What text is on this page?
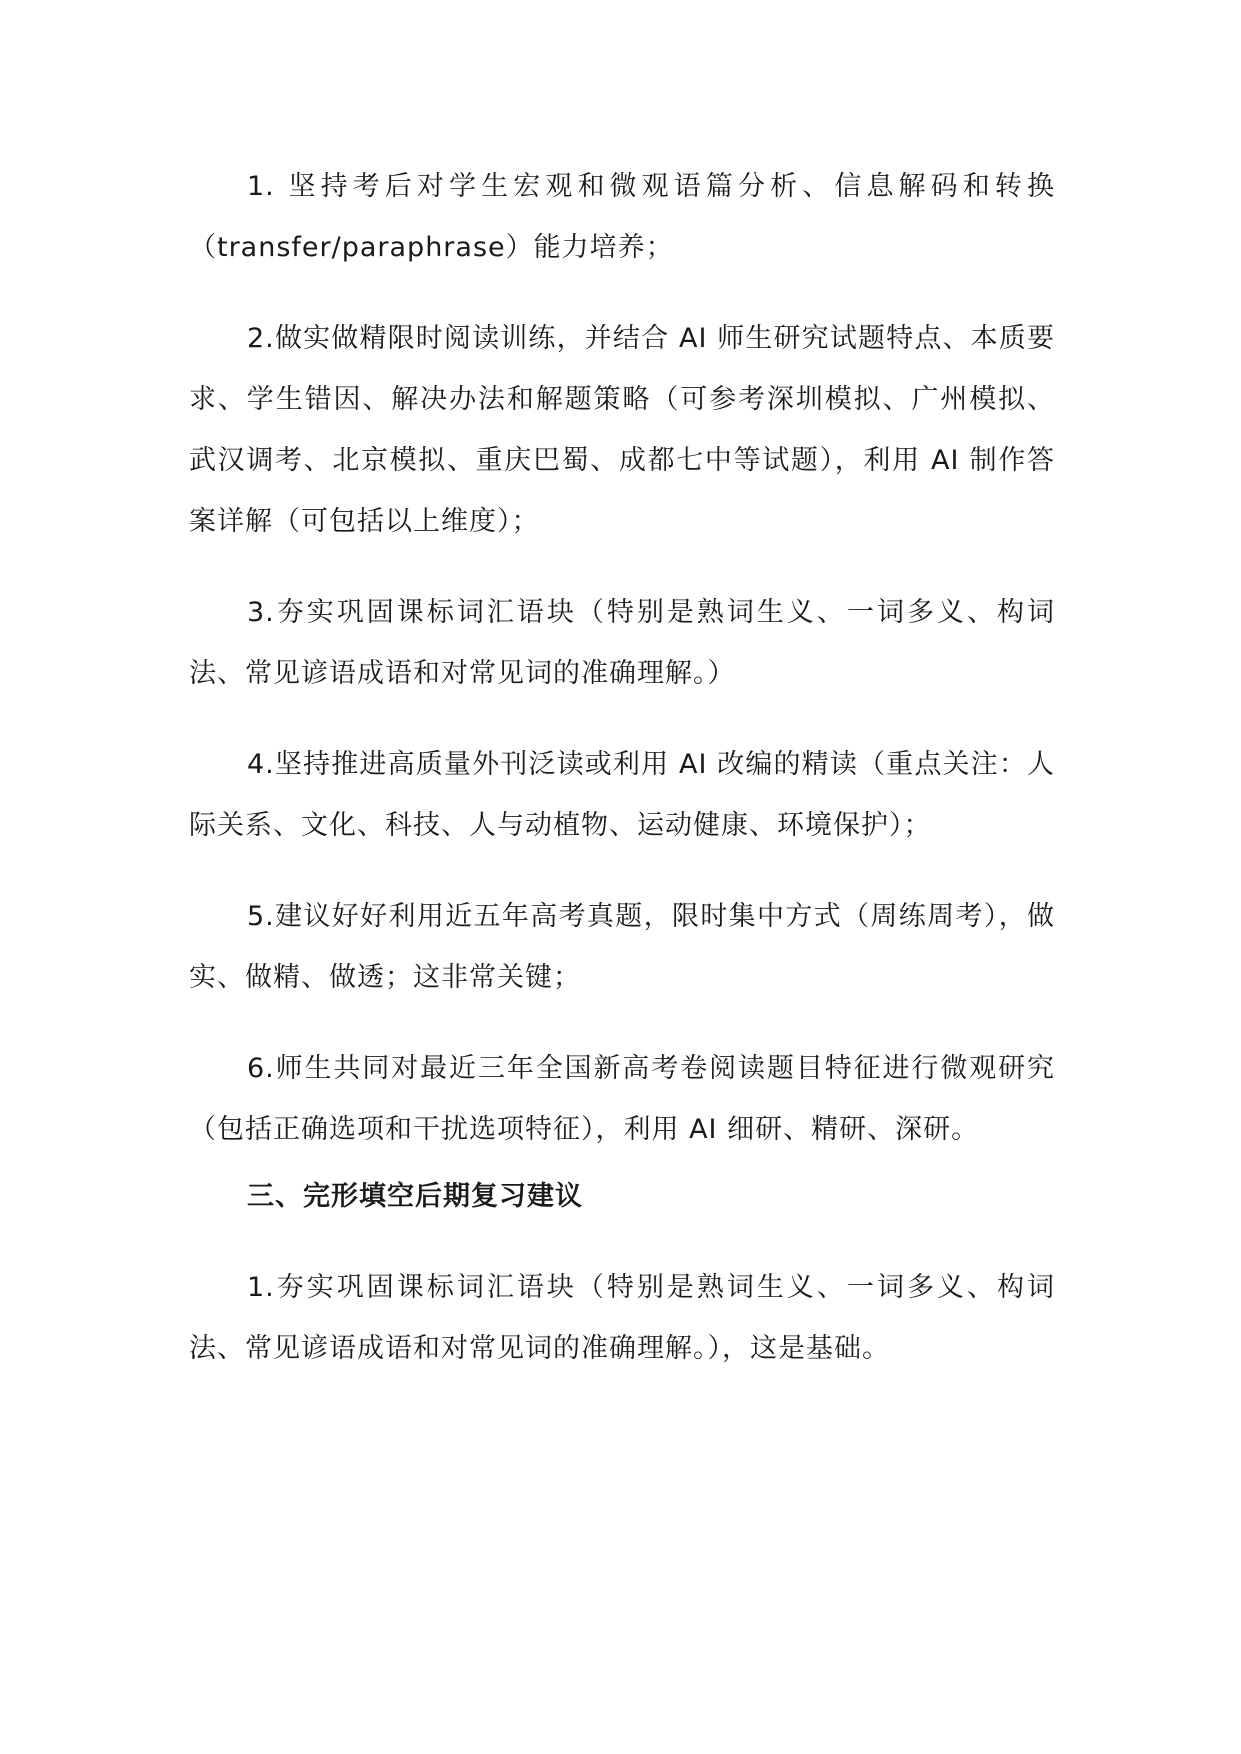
1. 坚持考后对学生宏观和微观语篇分析、信息解码和转换（transfer/paraphrase）能力培养；

2.做实做精限时阅读训练，并结合 AI 师生研究试题特点、本质要求、学生错因、解决办法和解题策略（可参考深圳模拟、广州模拟、武汉调考、北京模拟、重庆巴蜀、成都七中等试题），利用 AI 制作答案详解（可包括以上维度）；

3.夯实巩固课标词汇语块（特别是熟词生义、一词多义、构词法、常见谚语成语和对常见词的准确理解。）

4.坚持推进高质量外刊泛读或利用 AI 改编的精读（重点关注：人际关系、文化、科技、人与动植物、运动健康、环境保护）；

5.建议好好利用近五年高考真题，限时集中方式（周练周考），做实、做精、做透；这非常关键；

6.师生共同对最近三年全国新高考卷阅读题目特征进行微观研究（包括正确选项和干扰选项特征），利用 AI 细研、精研、深研。

三、完形填空后期复习建议

1.夯实巩固课标词汇语块（特别是熟词生义、一词多义、构词法、常见谚语成语和对常见词的准确理解。），这是基础。
